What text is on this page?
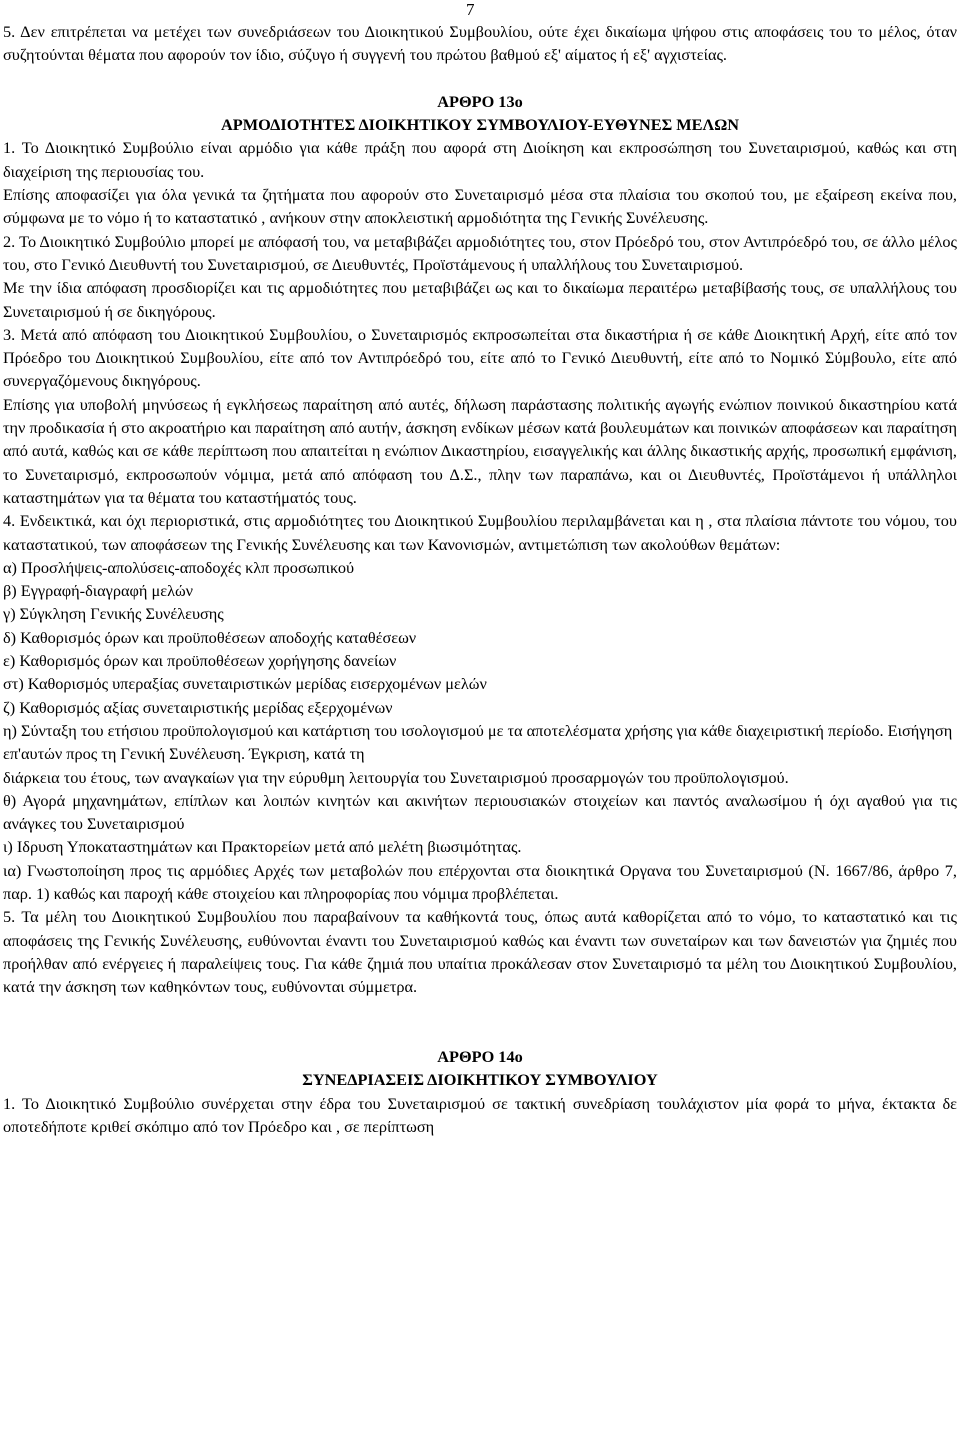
7

5. Δεν επιτρέπεται να μετέχει των συνεδριάσεων του Διοικητικού Συμβουλίου, ούτε έχει δικαίωμα ψήφου στις αποφάσεις του το μέλος, όταν συζητούνται θέματα που αφορούν τον ίδιο, σύζυγο ή συγγενή του πρώτου βαθμού εξ' αίματος ή εξ' αγχιστείας.

ΑΡΘΡΟ 13ο

ΑΡΜΟΔΙΟΤΗΤΕΣ ΔΙΟΙΚΗΤΙΚΟΥ ΣΥΜΒΟΥΛΙΟΥ-ΕΥΘΥΝΕΣ ΜΕΛΩΝ

1. Το Διοικητικό Συμβούλιο είναι αρμόδιο για κάθε πράξη που αφορά στη Διοίκηση και εκπροσώπηση του Συνεταιρισμού, καθώς και στη διαχείριση της περιουσίας του.

Επίσης αποφασίζει για όλα γενικά τα ζητήματα που αφορούν στο Συνεταιρισμό μέσα στα πλαίσια του σκοπού του, με εξαίρεση εκείνα που, σύμφωνα με το νόμο ή το καταστατικό , ανήκουν στην αποκλειστική αρμοδιότητα της Γενικής Συνέλευσης.

2. Το Διοικητικό Συμβούλιο μπορεί με απόφασή του, να μεταβιβάζει αρμοδιότητες του, στον Πρόεδρό του, στον Αντιπρόεδρό του, σε άλλο μέλος του, στο Γενικό Διευθυντή του Συνεταιρισμού, σε Διευθυντές, Προϊστάμενους ή υπαλλήλους του Συνεταιρισμού.

Με την ίδια απόφαση προσδιορίζει και τις αρμοδιότητες που μεταβιβάζει ως και το δικαίωμα περαιτέρω μεταβίβασής τους, σε υπαλλήλους του Συνεταιρισμού ή σε δικηγόρους.

3. Μετά από απόφαση του Διοικητικού Συμβουλίου, ο Συνεταιρισμός εκπροσωπείται στα δικαστήρια ή σε κάθε Διοικητική Αρχή, είτε από τον Πρόεδρο του Διοικητικού Συμβουλίου, είτε από τον Αντιπρόεδρό του, είτε από το Γενικό Διευθυντή, είτε από το Νομικό Σύμβουλο, είτε από συνεργαζόμενους δικηγόρους.

Επίσης για υποβολή μηνύσεως ή εγκλήσεως παραίτηση από αυτές, δήλωση παράστασης πολιτικής αγωγής ενώπιον ποινικού δικαστηρίου κατά την προδικασία ή στο ακροατήριο και παραίτηση από αυτήν, άσκηση ενδίκων μέσων κατά βουλευμάτων και ποινικών αποφάσεων και παραίτηση από αυτά, καθώς και σε κάθε περίπτωση που απαιτείται η ενώπιον Δικαστηρίου, εισαγγελικής και άλλης δικαστικής αρχής, προσωπική εμφάνιση, το Συνεταιρισμό, εκπροσωπούν νόμιμα, μετά από απόφαση του Δ.Σ., πλην των παραπάνω, και οι Διευθυντές, Προϊστάμενοι ή υπάλληλοι καταστημάτων για τα θέματα του καταστήματός τους.

4. Ενδεικτικά, και όχι περιοριστικά, στις αρμοδιότητες του Διοικητικού Συμβουλίου περιλαμβάνεται και η , στα πλαίσια πάντοτε του νόμου, του καταστατικού, των αποφάσεων της Γενικής Συνέλευσης και των Κανονισμών, αντιμετώπιση των ακολούθων θεμάτων:

α) Προσλήψεις-απολύσεις-αποδοχές κλπ προσωπικού

β) Εγγραφή-διαγραφή μελών

γ) Σύγκληση Γενικής Συνέλευσης

δ) Καθορισμός όρων και προϋποθέσεων αποδοχής καταθέσεων

ε) Καθορισμός όρων και προϋποθέσεων χορήγησης δανείων

στ) Καθορισμός υπεραξίας συνεταιριστικών μερίδας εισερχομένων μελών

ζ) Καθορισμός αξίας συνεταιριστικής μερίδας εξερχομένων

η) Σύνταξη του ετήσιου προϋπολογισμού και κατάρτιση του ισολογισμού με τα αποτελέσματα χρήσης για κάθε διαχειριστική περίοδο. Εισήγηση επ'αυτών προς τη Γενική Συνέλευση. Έγκριση, κατά τη

διάρκεια του έτους, των αναγκαίων για την εύρυθμη λειτουργία του Συνεταιρισμού προσαρμογών του προϋπολογισμού.

θ) Αγορά μηχανημάτων, επίπλων και λοιπών κινητών και ακινήτων περιουσιακών στοιχείων και παντός αναλωσίμου ή όχι αγαθού για τις ανάγκες του Συνεταιρισμού

ι) Ιδρυση Υποκαταστημάτων και Πρακτορείων μετά από μελέτη βιωσιμότητας.

ια) Γνωστοποίηση προς τις αρμόδιες Αρχές των μεταβολών που επέρχονται στα διοικητικά Οργανα του Συνεταιρισμού (Ν. 1667/86, άρθρο 7, παρ. 1) καθώς και παροχή κάθε στοιχείου και πληροφορίας που νόμιμα προβλέπεται.

5. Τα μέλη του Διοικητικού Συμβουλίου που παραβαίνουν τα καθήκοντά τους, όπως αυτά καθορίζεται από το νόμο, το καταστατικό και τις αποφάσεις της Γενικής Συνέλευσης, ευθύνονται έναντι του Συνεταιρισμού καθώς και έναντι των συνεταίρων και των δανειστών για ζημιές που προήλθαν από ενέργειες ή παραλείψεις τους. Για κάθε ζημιά που υπαίτια προκάλεσαν στον Συνεταιρισμό τα μέλη του Διοικητικού Συμβουλίου, κατά την άσκηση των καθηκόντων τους, ευθύνονται σύμμετρα.

ΑΡΘΡΟ 14ο

ΣΥΝΕΔΡΙΑΣΕΙΣ ΔΙΟΙΚΗΤΙΚΟΥ ΣΥΜΒΟΥΛΙΟΥ

1. Το Διοικητικό Συμβούλιο συνέρχεται στην έδρα του Συνεταιρισμού σε τακτική συνεδρίαση τουλάχιστον μία φορά το μήνα, έκτακτα δε οποτεδήποτε κριθεί σκόπιμο από τον Πρόεδρο και , σε περίπτωση
